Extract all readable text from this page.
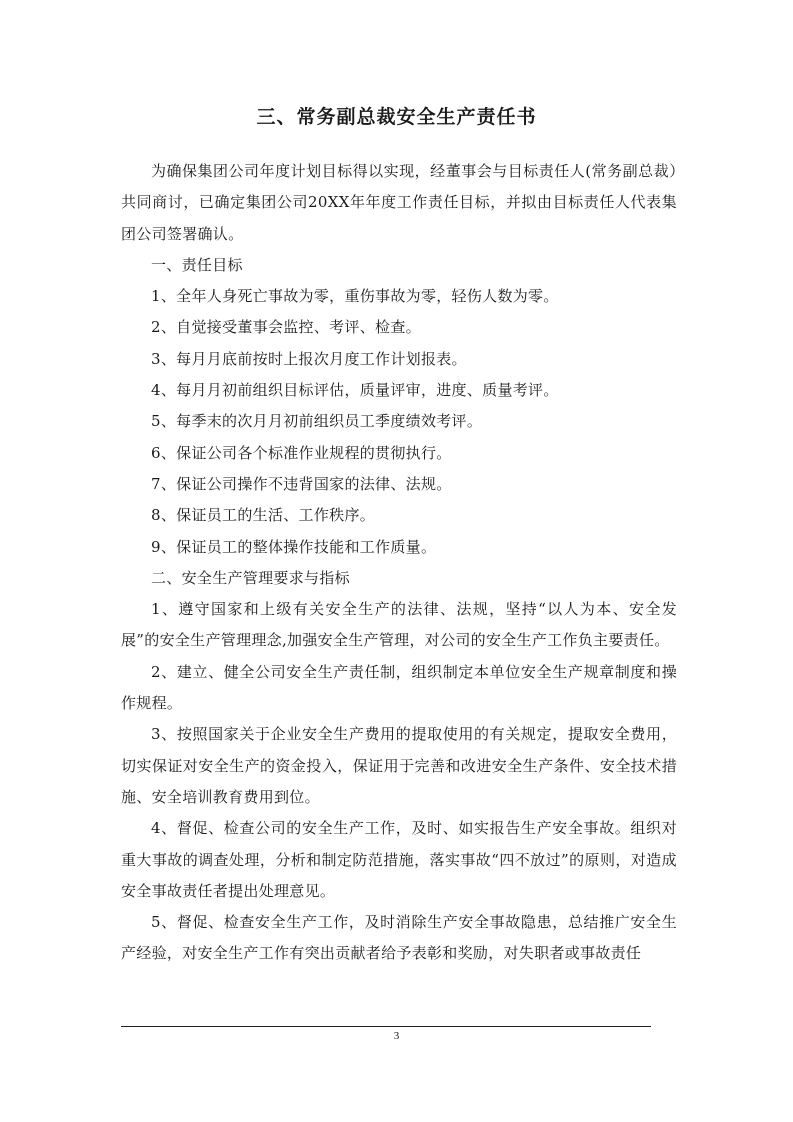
三、常务副总裁安全生产责任书

为确保集团公司年度计划目标得以实现，经董事会与目标责任人(常务副总裁）共同商讨，已确定集团公司20XX年年度工作责任目标，并拟由目标责任人代表集团公司签署确认。

一、责任目标

1、全年人身死亡事故为零，重伤事故为零，轻伤人数为零。

2、自觉接受董事会监控、考评、检查。

3、每月月底前按时上报次月度工作计划报表。

4、每月月初前组织目标评估，质量评审，进度、质量考评。

5、每季末的次月月初前组织员工季度绩效考评。

6、保证公司各个标准作业规程的贯彻执行。

7、保证公司操作不违背国家的法律、法规。

8、保证员工的生活、工作秩序。

9、保证员工的整体操作技能和工作质量。

二、安全生产管理要求与指标

1、遵守国家和上级有关安全生产的法律、法规，坚持“以人为本、安全发展”的安全生产管理理念,加强安全生产管理，对公司的安全生产工作负主要责任。

2、建立、健全公司安全生产责任制，组织制定本单位安全生产规章制度和操作规程。

3、按照国家关于企业安全生产费用的提取使用的有关规定，提取安全费用，切实保证对安全生产的资金投入，保证用于完善和改进安全生产条件、安全技术措施、安全培训教育费用到位。

4、督促、检查公司的安全生产工作，及时、如实报告生产安全事故。组织对重大事故的调查处理，分析和制定防范措施，落实事故“四不放过”的原则，对造成安全事故责任者提出处理意见。

5、督促、检查安全生产工作，及时消除生产安全事故隐患，总结推广安全生产经验，对安全生产工作有突出贡献者给予表彰和奖励，对失职者或事故责任

3
